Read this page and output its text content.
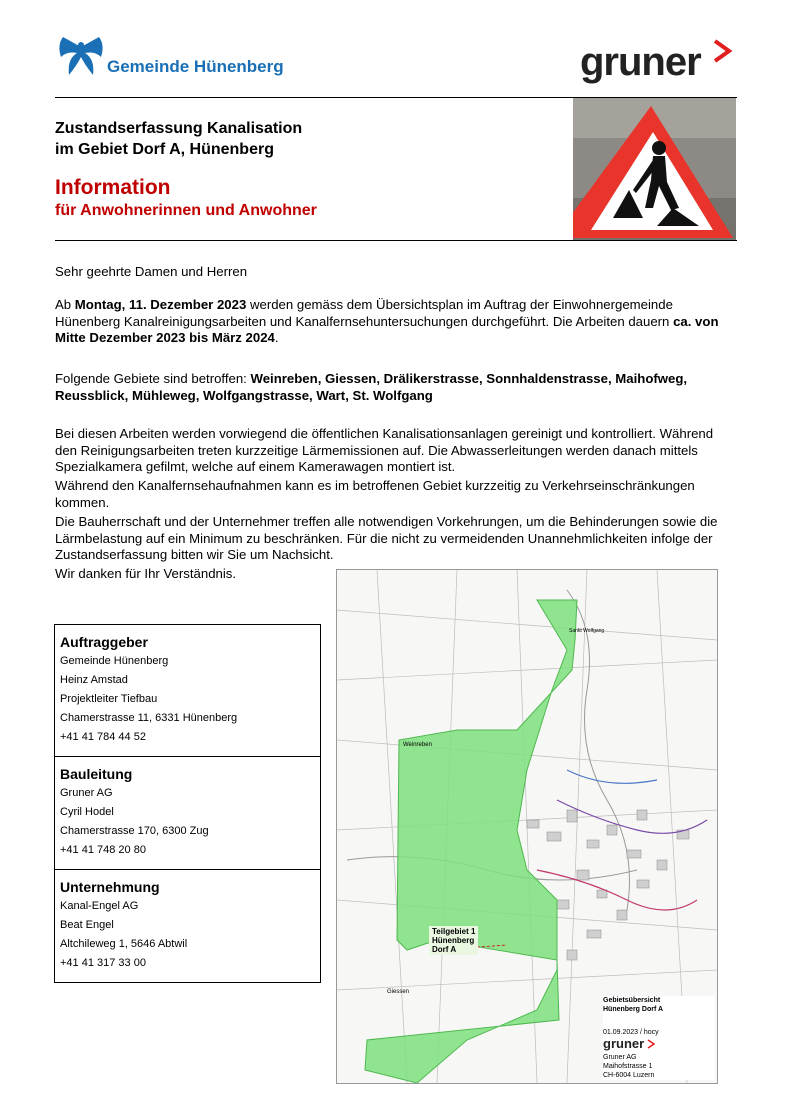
Gemeinde Hünenberg	gruner
Zustandserfassung Kanalisation
im Gebiet Dorf A, Hünenberg
Information
für Anwohnerinnen und Anwohner
Sehr geehrte Damen und Herren
Ab Montag, 11. Dezember 2023 werden gemäss dem Übersichtsplan im Auftrag der Einwohnergemeinde Hünenberg Kanalreinigungsarbeiten und Kanalfernsehuntersuchungen durchgeführt. Die Arbeiten dauern ca. von Mitte Dezember 2023 bis März 2024.
Folgende Gebiete sind betroffen: Weinreben, Giessen, Drälikerstrasse, Sonnhaldenstrasse, Maihofweg, Reussblick, Mühleweg, Wolfgangstrasse, Wart, St. Wolfgang
Bei diesen Arbeiten werden vorwiegend die öffentlichen Kanalisationsanlagen gereinigt und kontrolliert. Während den Reinigungsarbeiten treten kurzzeitige Lärmemissionen auf. Die Abwasserleitungen werden danach mittels Spezialkamera gefilmt, welche auf einem Kamerawagen montiert ist.
Während den Kanalfernsehaufnahmen kann es im betroffenen Gebiet kurzzeitig zu Verkehrseinschränkungen kommen.
Die Bauherrschaft und der Unternehmer treffen alle notwendigen Vorkehrungen, um die Behinderungen sowie die Lärmbelastung auf ein Minimum zu beschränken. Für die nicht zu vermeidenden Unannehmlichkeiten infolge der Zustandserfassung bitten wir Sie um Nachsicht.
Wir danken für Ihr Verständnis.
Auftraggeber
Gemeinde Hünenberg
Heinz Amstad
Projektleiter Tiefbau
Chamerstrasse 11, 6331 Hünenberg
+41 41 784 44 52
Bauleitung
Gruner AG
Cyril Hodel
Chamerstrasse 170, 6300 Zug
+41 41 748 20 80
Unternehmung
Kanal-Engel AG
Beat Engel
Altchileweg 1, 5646 Abtwil
+41 41 317 33 00
Sankt Wolfgang
Giessen
Weinreben
Teilgebiet 1
Hünenberg
Dorf A
Gebietsübersicht
Hünenberg Dorf A
01.09.2023 / hocy
gruner
Gruner AG
Maihofstrasse 1
CH-6004 Luzern
